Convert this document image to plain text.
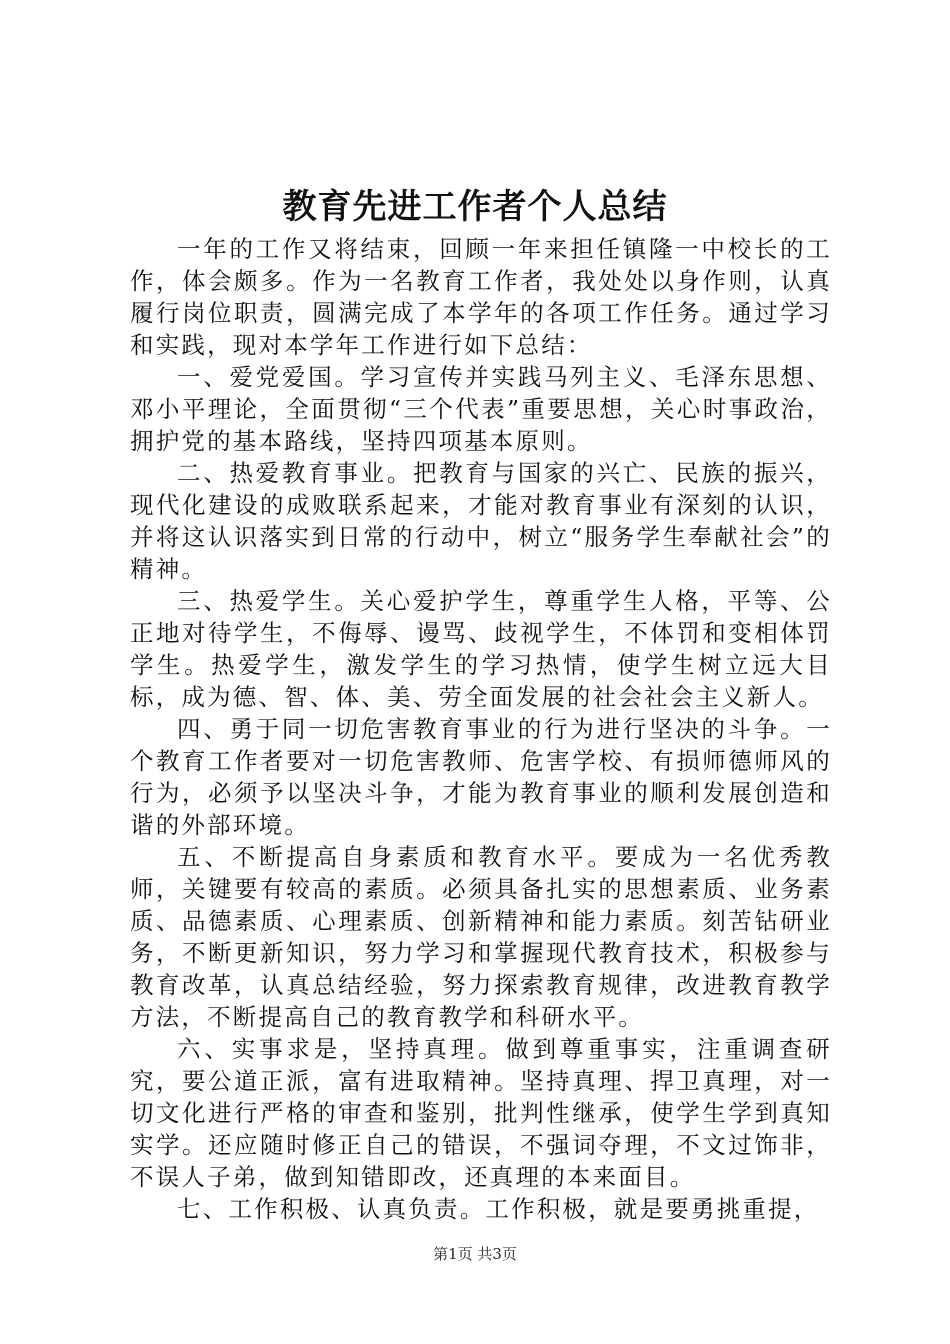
教育先进工作者个人总结

一年的工作又将结束，回顾一年来担任镇隆一中校长的工作，体会颇多。作为一名教育工作者，我处处以身作则，认真履行岗位职责，圆满完成了本学年的各项工作任务。通过学习和实践，现对本学年工作进行如下总结：

一、爱党爱国。学习宣传并实践马列主义、毛泽东思想、邓小平理论，全面贯彻“三个代表”重要思想，关心时事政治，拥护党的基本路线，坚持四项基本原则。

二、热爱教育事业。把教育与国家的兴亡、民族的振兴，现代化建设的成败联系起来，才能对教育事业有深刻的认识，并将这认识落实到日常的行动中，树立“服务学生奉献社会”的精神。

三、热爱学生。关心爱护学生，尊重学生人格，平等、公正地对待学生，不侮辱、谩骂、歧视学生，不体罚和变相体罚学生。热爱学生，激发学生的学习热情，使学生树立远大目标，成为德、智、体、美、劳全面发展的社会社会主义新人。

四、勇于同一切危害教育事业的行为进行坚决的斗争。一个教育工作者要对一切危害教师、危害学校、有损师德师风的行为，必须予以坚决斗争，才能为教育事业的顺利发展创造和谐的外部环境。

五、不断提高自身素质和教育水平。要成为一名优秀教师，关键要有较高的素质。必须具备扎实的思想素质、业务素质、品德素质、心理素质、创新精神和能力素质。刻苦钻研业务，不断更新知识，努力学习和掌握现代教育技术，积极参与教育改革，认真总结经验，努力探索教育规律，改进教育教学方法，不断提高自己的教育教学和科研水平。

六、实事求是，坚持真理。做到尊重事实，注重调查研究，要公道正派，富有进取精神。坚持真理、捍卫真理，对一切文化进行严格的审查和鉴别，批判性继承，使学生学到真知实学。还应随时修正自己的错误，不强词夺理，不文过饰非，不误人子弟，做到知错即改，还真理的本来面目。

七、工作积极、认真负责。工作积极，就是要勇挑重提，

第1页 共3页
